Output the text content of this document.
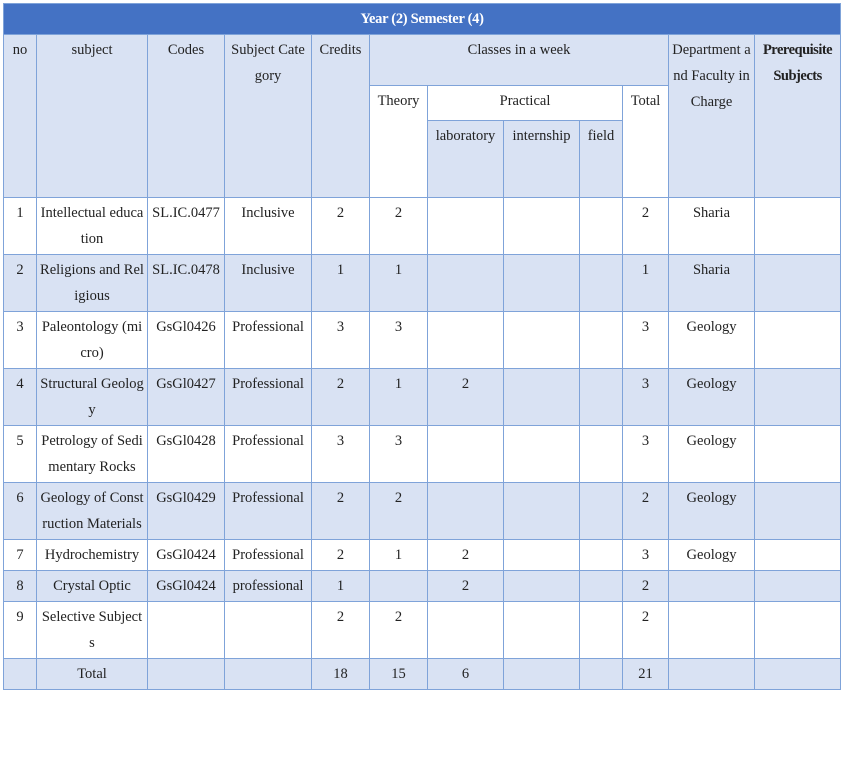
Year (2) Semester (4)											
no	subject	Codes	Subject Category	Credits	Classes in a week					Department and Faculty in Charge	Prerequisite Subjects
					Theory	Practical			Total		
						laboratory	internship	field			
1	Intellectual education	SL.IC.0477	Inclusive	2	2				2	Sharia	
2	Religions and Religious	SL.IC.0478	Inclusive	1	1				1	Sharia	
3	Paleontology (micro)	GsGl0426	Professional	3	3				3	Geology	
4	Structural Geology	GsGl0427	Professional	2	1	2			3	Geology	
5	Petrology of Sedimentary Rocks	GsGl0428	Professional	3	3				3	Geology	
6	Geology of Construction Materials	GsGl0429	Professional	2	2				2	Geology	
7	Hydrochemistry	GsGl0424	Professional	2	1	2			3	Geology	
8	Crystal Optic	GsGl0424	professional	1		2			2		
9	Selective Subjects			2	2				2		
	Total			18	15	6			21		
